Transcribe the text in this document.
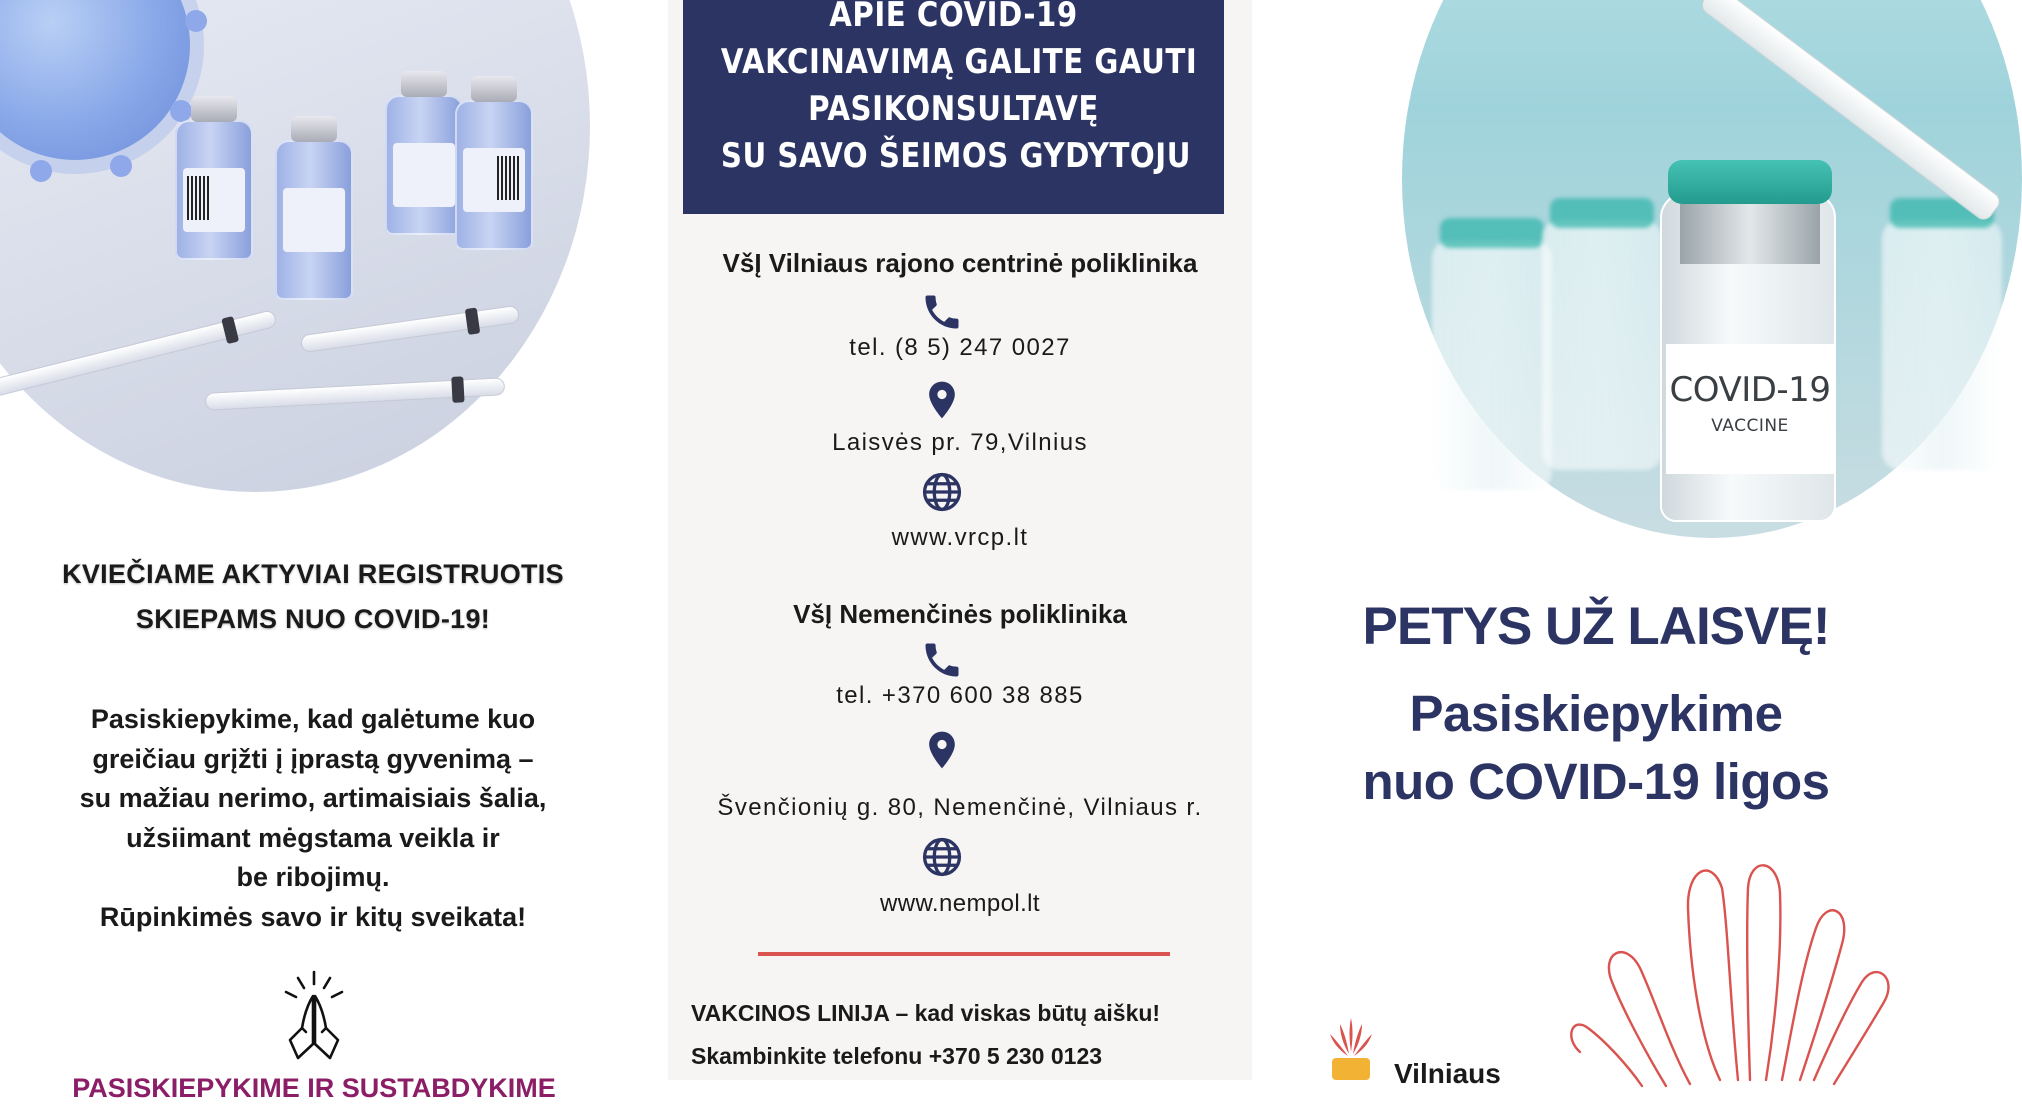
KVIEČIAME AKTYVIAI REGISTRUOTIS

SKIEPAMS NUO COVID-19!

Pasiskiepykime, kad galėtume kuo

greičiau grįžti į įprastą gyvenimą –

su mažiau nerimo, artimaisiais šalia,

užsiimant mėgstama veikla ir

be ribojimų.

Rūpinkimės savo ir kitų sveikata!

PASISKIEPYKIME IR SUSTABDYKIME
APIE COVID-19
VAKCINAVIMĄ GALITE GAUTI
PASIKONSULTAVĘ
SU SAVO ŠEIMOS GYDYTOJU
VšĮ Vilniaus rajono centrinė poliklinika
tel. (8 5) 247 0027
Laisvės pr. 79,Vilnius
www.vrcp.lt
VšĮ Nemenčinės poliklinika
tel. +370 600 38 885
Švenčionių g. 80, Nemenčinė, Vilniaus r.
www.nempol.lt
VAKCINOS LINIJA – kad viskas būtų aišku!
Skambinkite telefonu +370 5 230 0123
COVID-19
VACCINE
PETYS UŽ LAISVĘ!
Pasiskiepykime
nuo COVID-19 ligos
Vilniaus
